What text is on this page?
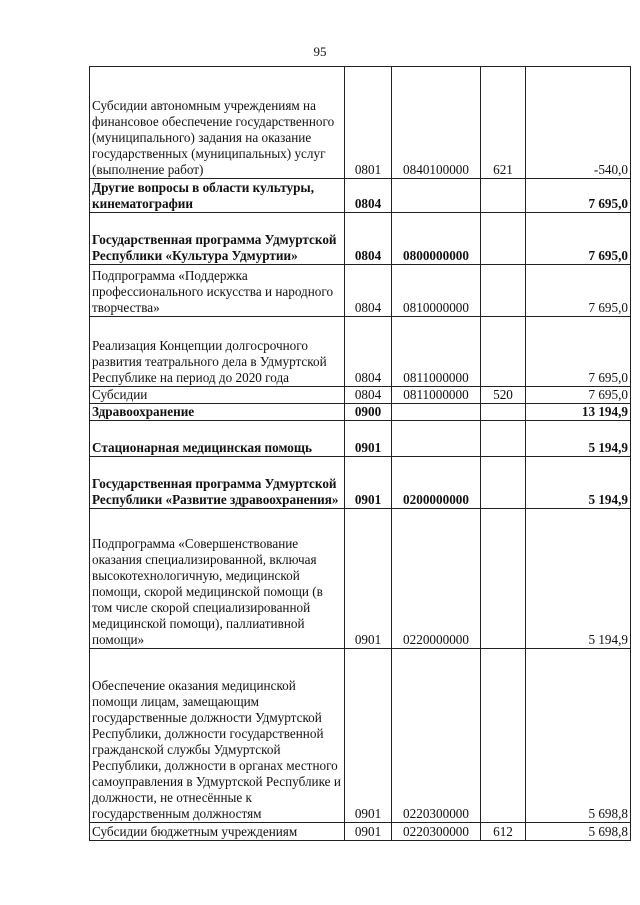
95
Субсидии автономным учреждениям на финансовое обеспечение государственного (муниципального) задания на оказание государственных (муниципальных) услуг (выполнение работ)	0801	0840100000	621	-540,0
Другие вопросы в области культуры, кинематографии	0804			7 695,0
Государственная программа Удмуртской Республики «Культура Удмуртии»	0804	0800000000		7 695,0
Подпрограмма «Поддержка профессионального искусства и народного творчества»	0804	0810000000		7 695,0
Реализация Концепции долгосрочного развития театрального дела в Удмуртской Республике на период до 2020 года	0804	0811000000		7 695,0
Субсидии	0804	0811000000	520	7 695,0
Здравоохранение	0900			13 194,9
Стационарная медицинская помощь	0901			5 194,9
Государственная программа Удмуртской Республики «Развитие здравоохранения»	0901	0200000000		5 194,9
Подпрограмма «Совершенствование оказания специализированной, включая высокотехнологичную, медицинской помощи, скорой медицинской помощи (в том числе скорой специализированной медицинской помощи), паллиативной помощи»	0901	0220000000		5 194,9
Обеспечение оказания медицинской помощи лицам, замещающим государственные должности Удмуртской Республики, должности государственной гражданской службы Удмуртской Республики, должности в органах местного самоуправления в Удмуртской Республике и должности, не отнесённые к государственным должностям	0901	0220300000		5 698,8
Субсидии бюджетным учреждениям	0901	0220300000	612	5 698,8
